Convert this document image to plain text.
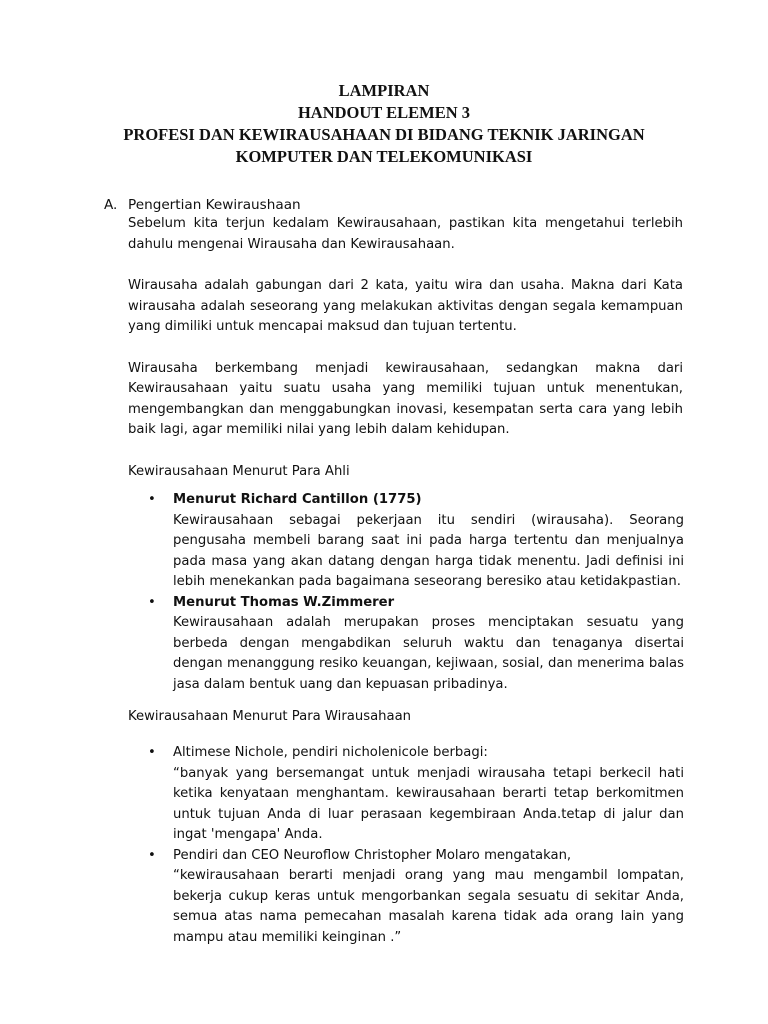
LAMPIRAN
HANDOUT ELEMEN 3
PROFESI DAN KEWIRAUSAHAAN DI BIDANG TEKNIK JARINGAN
KOMPUTER DAN TELEKOMUNIKASI
A. Pengertian Kewiraushaan

Sebelum kita terjun kedalam Kewirausahaan, pastikan kita mengetahui terlebih dahulu mengenai Wirausaha dan Kewirausahaan.

Wirausaha adalah gabungan dari 2 kata, yaitu wira dan usaha. Makna dari Kata wirausaha adalah seseorang yang melakukan aktivitas dengan segala kemampuan yang dimiliki untuk mencapai maksud dan tujuan tertentu.

Wirausaha berkembang menjadi kewirausahaan, sedangkan makna dari Kewirausahaan yaitu suatu usaha yang memiliki tujuan untuk menentukan, mengembangkan dan menggabungkan inovasi, kesempatan serta cara yang lebih baik lagi, agar memiliki nilai yang lebih dalam kehidupan.

Kewirausahaan Menurut Para Ahli

• Menurut Richard Cantillon (1775)
Kewirausahaan sebagai pekerjaan itu sendiri (wirausaha). Seorang pengusaha membeli barang saat ini pada harga tertentu dan menjualnya pada masa yang akan datang dengan harga tidak menentu. Jadi definisi ini lebih menekankan pada bagaimana seseorang beresiko atau ketidakpastian.
• Menurut Thomas W.Zimmerer
Kewirausahaan adalah merupakan proses menciptakan sesuatu yang berbeda dengan mengabdikan seluruh waktu dan tenaganya disertai dengan menanggung resiko keuangan, kejiwaan, sosial, dan menerima balas jasa dalam bentuk uang dan kepuasan pribadinya.

Kewirausahaan Menurut Para Wirausahaan

• Altimese Nichole, pendiri nicholenicole berbagi:
“banyak yang bersemangat untuk menjadi wirausaha tetapi berkecil hati ketika kenyataan menghantam. kewirausahaan berarti tetap berkomitmen untuk tujuan Anda di luar perasaan kegembiraan Anda.tetap di jalur dan ingat 'mengapa' Anda.
• Pendiri dan CEO Neuroflow Christopher Molaro mengatakan,
“kewirausahaan berarti menjadi orang yang mau mengambil lompatan, bekerja cukup keras untuk mengorbankan segala sesuatu di sekitar Anda, semua atas nama pemecahan masalah karena tidak ada orang lain yang mampu atau memiliki keinginan .”
